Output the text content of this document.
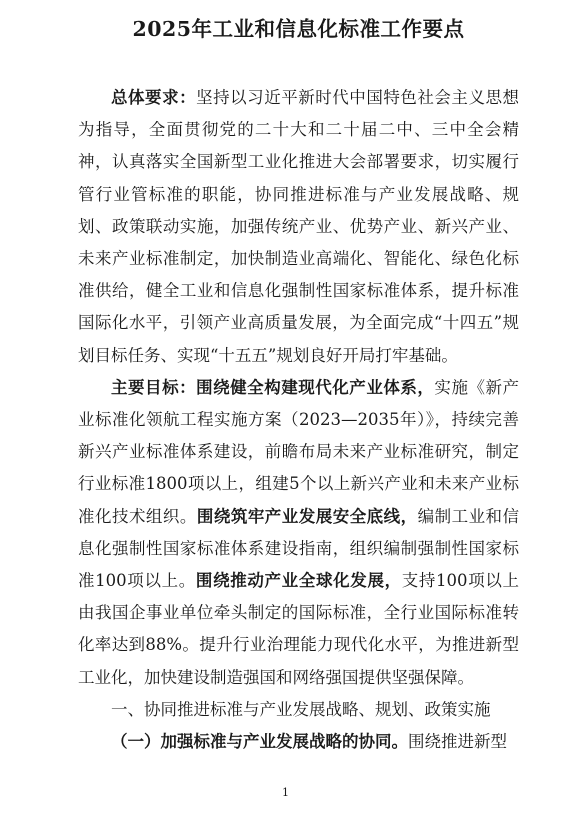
2025年工业和信息化标准工作要点

总体要求：坚持以习近平新时代中国特色社会主义思想为指导，全面贯彻党的二十大和二十届二中、三中全会精神，认真落实全国新型工业化推进大会部署要求，切实履行管行业管标准的职能，协同推进标准与产业发展战略、规划、政策联动实施，加强传统产业、优势产业、新兴产业、未来产业标准制定，加快制造业高端化、智能化、绿色化标准供给，健全工业和信息化强制性国家标准体系，提升标准国际化水平，引领产业高质量发展，为全面完成“十四五”规划目标任务、实现“十五五”规划良好开局打牢基础。

主要目标：围绕健全构建现代化产业体系，实施《新产业标准化领航工程实施方案（2023—2035年）》，持续完善新兴产业标准体系建设，前瞻布局未来产业标准研究，制定行业标准1800项以上，组建5个以上新兴产业和未来产业标准化技术组织。围绕筑牢产业发展安全底线，编制工业和信息化强制性国家标准体系建设指南，组织编制强制性国家标准100项以上。围绕推动产业全球化发展，支持100项以上由我国企事业单位牵头制定的国际标准，全行业国际标准转化率达到88%。提升行业治理能力现代化水平，为推进新型工业化，加快建设制造强国和网络强国提供坚强保障。

一、协同推进标准与产业发展战略、规划、政策实施

（一）加强标准与产业发展战略的协同。围绕推进新型

1
